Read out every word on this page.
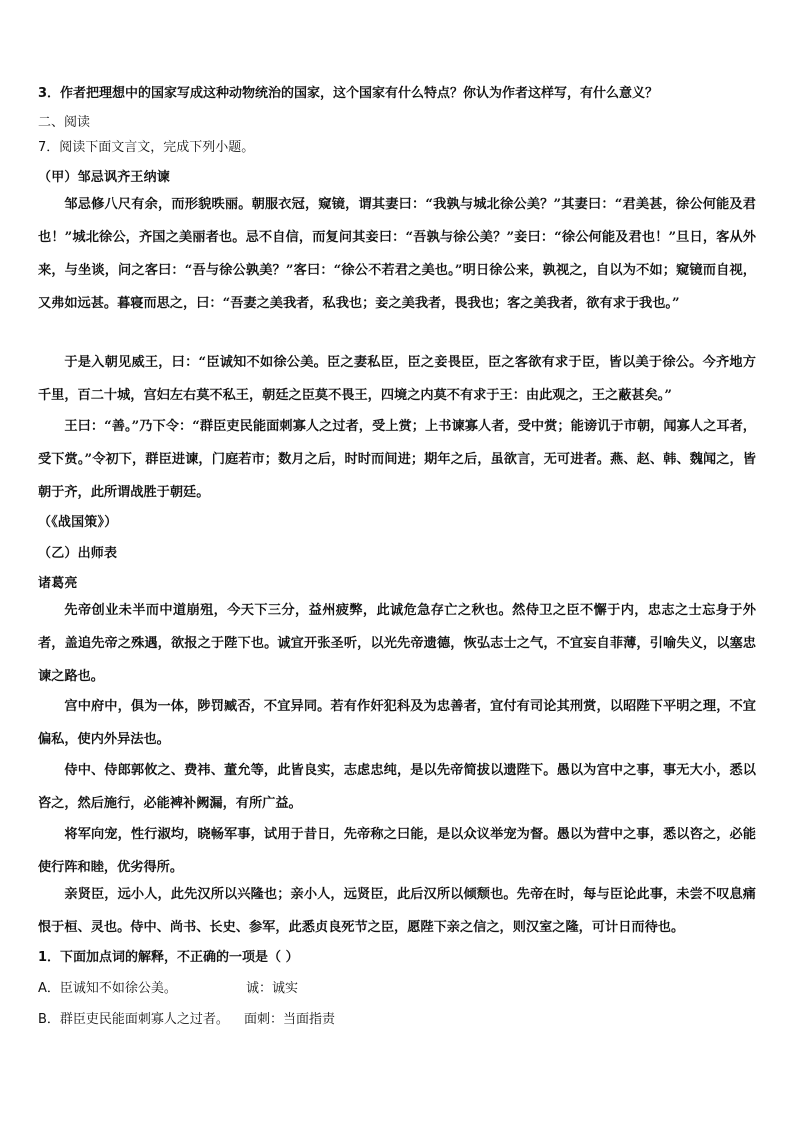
3．作者把理想中的国家写成这种动物统治的国家，这个国家有什么特点？你认为作者这样写，有什么意义？
二、阅读
7．阅读下面文言文，完成下列小题。
（甲）邹忌讽齐王纳谏
邹忌修八尺有余，而形貌昳丽。朝服衣冠，窥镜，谓其妻曰：“我孰与城北徐公美？”其妻曰：“君美甚，徐公何能及君也！”城北徐公，齐国之美丽者也。忌不自信，而复问其妾曰：“吾孰与徐公美？”妾曰：“徐公何能及君也！”旦日，客从外来，与坐谈，问之客曰：“吾与徐公孰美？”客曰：“徐公不若君之美也。”明日徐公来，孰视之，自以为不如；窥镜而自视，又弗如远甚。暮寝而思之，曰：“吾妻之美我者，私我也；妾之美我者，畏我也；客之美我者，欲有求于我也。”
于是入朝见威王，曰：“臣诚知不如徐公美。臣之妻私臣，臣之妾畏臣，臣之客欲有求于臣，皆以美于徐公。今齐地方千里，百二十城，宫妇左右莫不私王，朝廷之臣莫不畏王，四境之内莫不有求于王：由此观之，王之蔽甚矣。”
王曰：“善。”乃下令：“群臣吏民能面刺寡人之过者，受上赏；上书谏寡人者，受中赏；能谤讥于市朝，闻寡人之耳者，受下赏。”令初下，群臣进谏，门庭若市；数月之后，时时而间进；期年之后，虽欲言，无可进者。燕、赵、韩、魏闻之，皆朝于齐，此所谓战胜于朝廷。
（《战国策》）
（乙）出师表
诸葛亮
先帝创业未半而中道崩殂，今天下三分，益州疲弊，此诚危急存亡之秋也。然侍卫之臣不懈于内，忠志之士忘身于外者，盖追先帝之殊遇，欲报之于陛下也。诚宜开张圣听，以光先帝遗德，恢弘志士之气，不宜妄自菲薄，引喻失义，以塞忠谏之路也。
宫中府中，俱为一体，陟罚臧否，不宜异同。若有作奸犯科及为忠善者，宜付有司论其刑赏，以昭陛下平明之理，不宜偏私，使内外异法也。
侍中、侍郎郭攸之、费祎、董允等，此皆良实，志虑忠纯，是以先帝简拔以遗陛下。愚以为宫中之事，事无大小，悉以咨之，然后施行，必能裨补阙漏，有所广益。
将军向宠，性行淑均，晓畅军事，试用于昔日，先帝称之曰能，是以众议举宠为督。愚以为营中之事，悉以咨之，必能使行阵和睦，优劣得所。
亲贤臣，远小人，此先汉所以兴隆也；亲小人，远贤臣，此后汉所以倾颓也。先帝在时，每与臣论此事，未尝不叹息痛恨于桓、灵也。侍中、尚书、长史、参军，此悉贞良死节之臣，愿陛下亲之信之，则汉室之隆，可计日而待也。
1．下面加点词的解释，不正确的一项是（ ）
A．臣诚知不如徐公美。	诚：诚实
B．群臣吏民能面刺寡人之过者。 面刺：当面指责
